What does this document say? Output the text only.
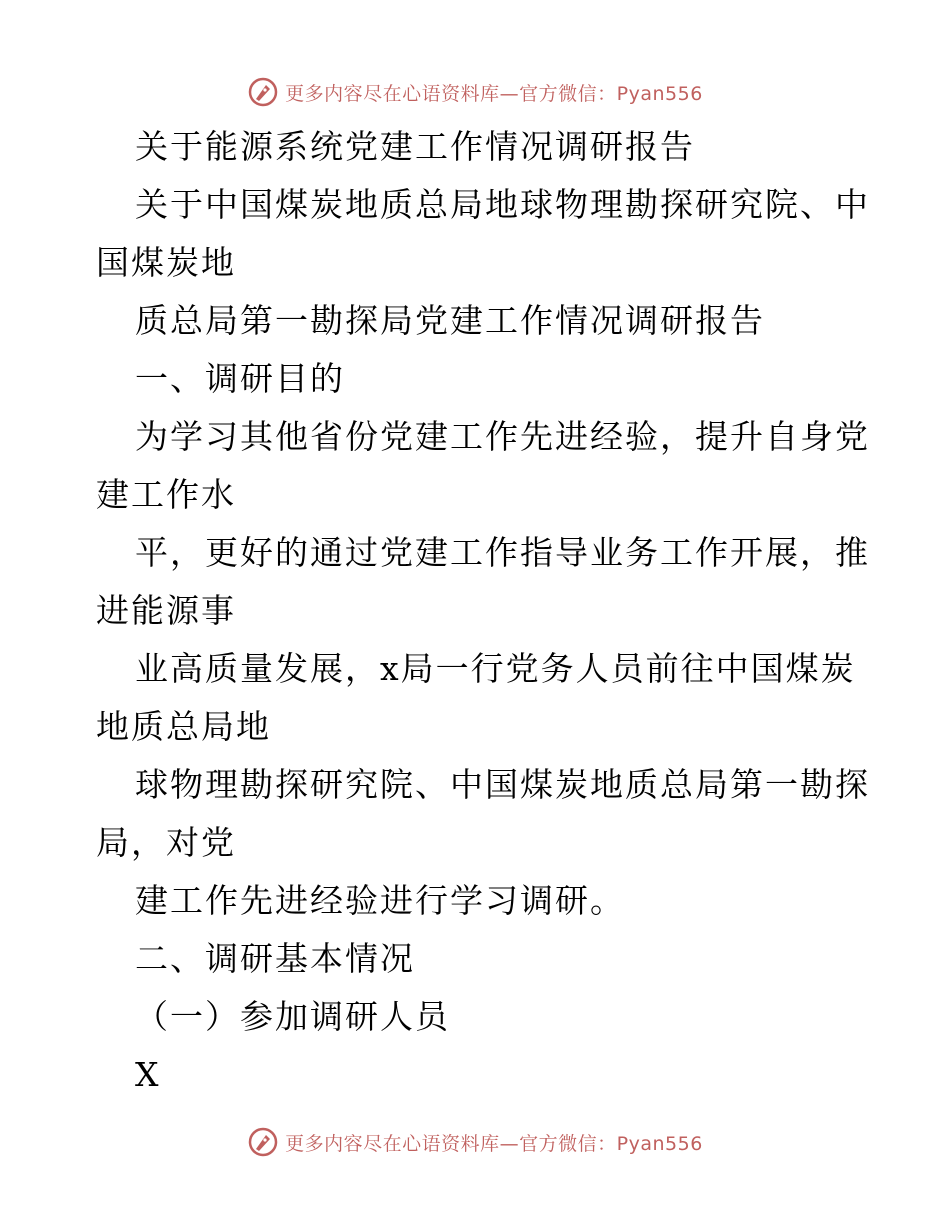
更多内容尽在心语资料库—官方微信：Pyan556
关于能源系统党建工作情况调研报告
关于中国煤炭地质总局地球物理勘探研究院、中
国煤炭地
质总局第一勘探局党建工作情况调研报告
一、调研目的
为学习其他省份党建工作先进经验，提升自身党
建工作水
平，更好的通过党建工作指导业务工作开展，推
进能源事
业高质量发展，x局一行党务人员前往中国煤炭
地质总局地
球物理勘探研究院、中国煤炭地质总局第一勘探
局，对党
建工作先进经验进行学习调研。
二、调研基本情况
（一）参加调研人员
X
更多内容尽在心语资料库—官方微信：Pyan556
